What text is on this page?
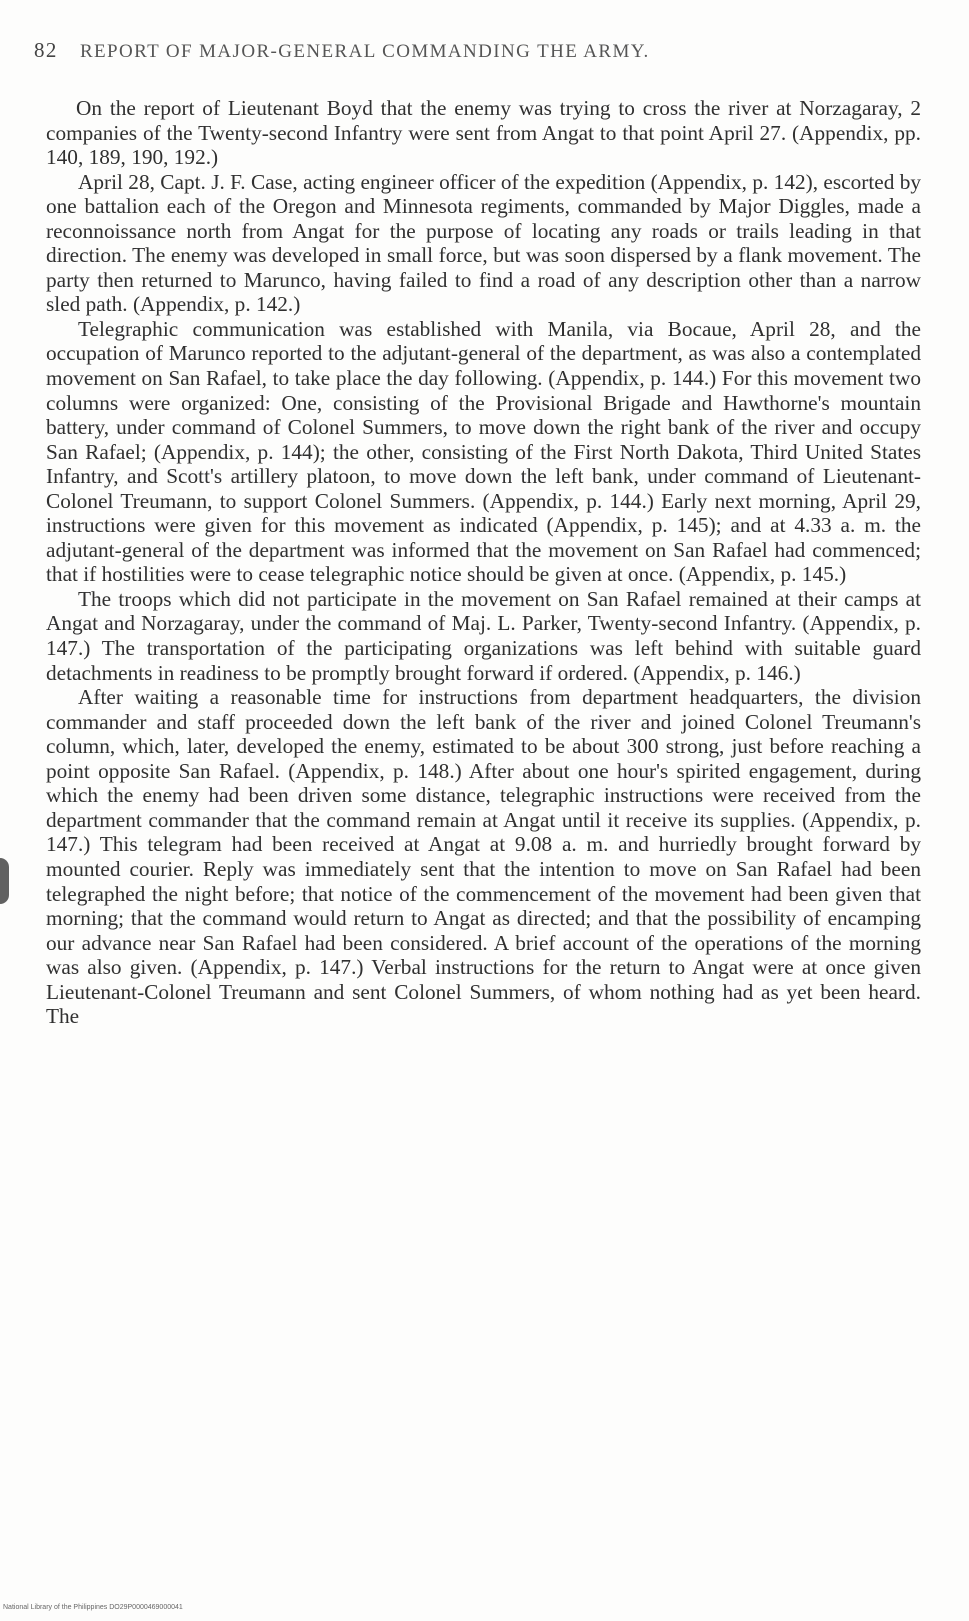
82 REPORT OF MAJOR-GENERAL COMMANDING THE ARMY.

On the report of Lieutenant Boyd that the enemy was trying to cross the river at Norzagaray, 2 companies of the Twenty-second Infantry were sent from Angat to that point April 27. (Appendix, pp. 140, 189, 190, 192.)

April 28, Capt. J. F. Case, acting engineer officer of the expedition (Appendix, p. 142), escorted by one battalion each of the Oregon and Minnesota regiments, commanded by Major Diggles, made a reconnoissance north from Angat for the purpose of locating any roads or trails leading in that direction. The enemy was developed in small force, but was soon dispersed by a flank movement. The party then returned to Marunco, having failed to find a road of any description other than a narrow sled path. (Appendix, p. 142.)

Telegraphic communication was established with Manila, via Bocaue, April 28, and the occupation of Marunco reported to the adjutant-general of the department, as was also a contemplated movement on San Rafael, to take place the day following. (Appendix, p. 144.) For this movement two columns were organized: One, consisting of the Provisional Brigade and Hawthorne's mountain battery, under command of Colonel Summers, to move down the right bank of the river and occupy San Rafael; (Appendix, p. 144); the other, consisting of the First North Dakota, Third United States Infantry, and Scott's artillery platoon, to move down the left bank, under command of Lieutenant-Colonel Treumann, to support Colonel Summers. (Appendix, p. 144.) Early next morning, April 29, instructions were given for this movement as indicated (Appendix, p. 145); and at 4.33 a. m. the adjutant-general of the department was informed that the movement on San Rafael had commenced; that if hostilities were to cease telegraphic notice should be given at once. (Appendix, p. 145.)

The troops which did not participate in the movement on San Rafael remained at their camps at Angat and Norzagaray, under the command of Maj. L. Parker, Twenty-second Infantry. (Appendix, p. 147.) The transportation of the participating organizations was left behind with suitable guard detachments in readiness to be promptly brought forward if ordered. (Appendix, p. 146.)

After waiting a reasonable time for instructions from department headquarters, the division commander and staff proceeded down the left bank of the river and joined Colonel Treumann's column, which, later, developed the enemy, estimated to be about 300 strong, just before reaching a point opposite San Rafael. (Appendix, p. 148.) After about one hour's spirited engagement, during which the enemy had been driven some distance, telegraphic instructions were received from the department commander that the command remain at Angat until it receive its supplies. (Appendix, p. 147.) This telegram had been received at Angat at 9.08 a. m. and hurriedly brought forward by mounted courier. Reply was immediately sent that the intention to move on San Rafael had been telegraphed the night before; that notice of the commencement of the movement had been given that morning; that the command would return to Angat as directed; and that the possibility of encamping our advance near San Rafael had been considered. A brief account of the operations of the morning was also given. (Appendix, p. 147.) Verbal instructions for the return to Angat were at once given Lieutenant-Colonel Treumann and sent Colonel Summers, of whom nothing had as yet been heard. The

National Library of the Philippines DO29P0000469000041
